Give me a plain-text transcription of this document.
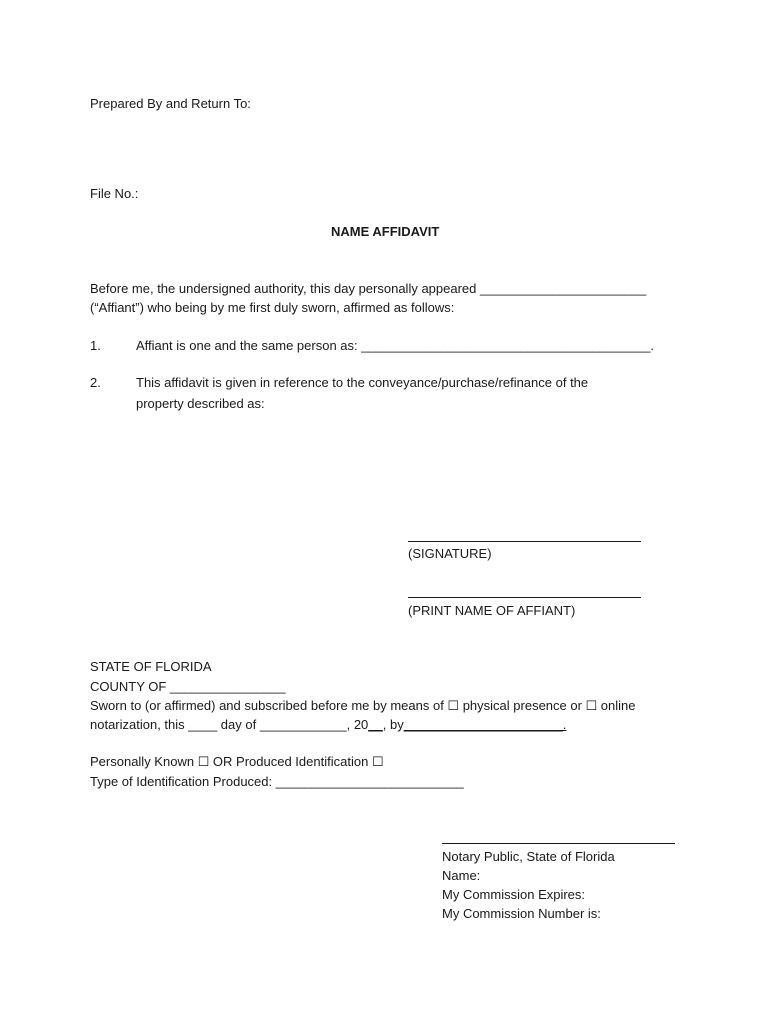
Prepared By and Return To:
File No.:
NAME AFFIDAVIT
Before me, the undersigned authority, this day personally appeared _______________________
(“Affiant”) who being by me first duly sworn, affirmed as follows:
1.	Affiant is one and the same person as: ________________________________________.
2.	This affidavit is given in reference to the conveyance/purchase/refinance of the
property described as:
(SIGNATURE)
(PRINT NAME OF AFFIANT)
STATE OF FLORIDA
COUNTY OF ________________
Sworn to (or affirmed) and subscribed before me by means of ☐ physical presence or ☐ online
notarization, this ____ day of ____________, 20__, by______________________.
Personally Known ☐ OR Produced Identification ☐
Type of Identification Produced: __________________________
Notary Public, State of Florida
Name:
My Commission Expires:
My Commission Number is:
